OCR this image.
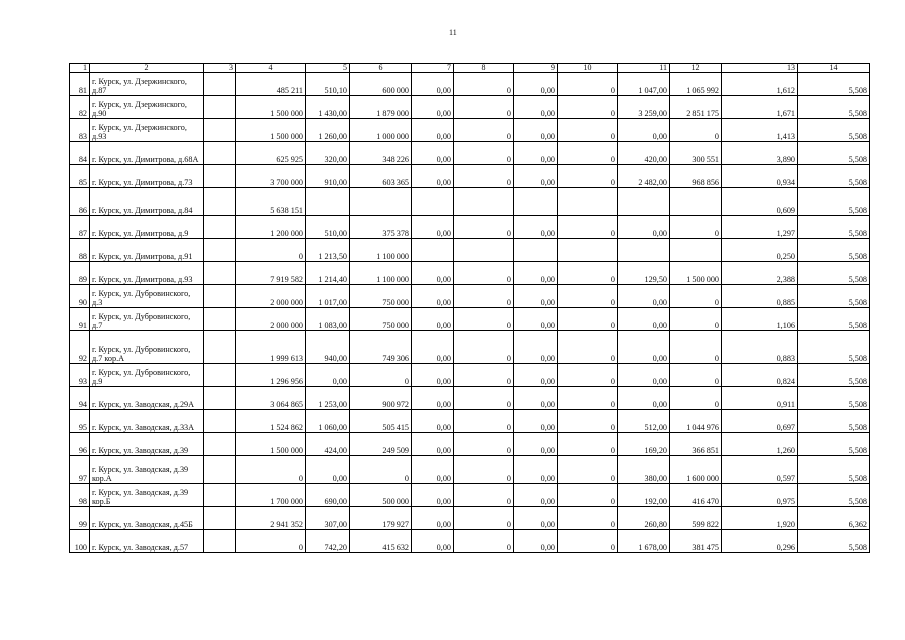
11
1	2	3	4	5	6	7	8	9	10	11	12	13	14
81	г. Курск, ул. Дзержинского, д.87		485 211	510,10	600 000	0,00	0	0,00	0	1 047,00	1 065 992	1,612	5,508
82	г. Курск, ул. Дзержинского, д.90		1 500 000	1 430,00	1 879 000	0,00	0	0,00	0	3 259,00	2 851 175	1,671	5,508
83	г. Курск, ул. Дзержинского, д.93		1 500 000	1 260,00	1 000 000	0,00	0	0,00	0	0,00	0	1,413	5,508
84	г. Курск, ул. Димитрова, д.68А		625 925	320,00	348 226	0,00	0	0,00	0	420,00	300 551	3,890	5,508
85	г. Курск, ул. Димитрова, д.73		3 700 000	910,00	603 365	0,00	0	0,00	0	2 482,00	968 856	0,934	5,508
86	г. Курск, ул. Димитрова, д.84		5 638 151									0,609	5,508
87	г. Курск, ул. Димитрова, д.9		1 200 000	510,00	375 378	0,00	0	0,00	0	0,00	0	1,297	5,508
88	г. Курск, ул. Димитрова, д.91		0	1 213,50	1 100 000							0,250	5,508
89	г. Курск, ул. Димитрова, д.93		7 919 582	1 214,40	1 100 000	0,00	0	0,00	0	129,50	1 500 000	2,388	5,508
90	г. Курск, ул. Дубровинского, д.3		2 000 000	1 017,00	750 000	0,00	0	0,00	0	0,00	0	0,885	5,508
91	г. Курск, ул. Дубровинского, д.7		2 000 000	1 083,00	750 000	0,00	0	0,00	0	0,00	0	1,106	5,508
92	г. Курск, ул. Дубровинского, д.7 кор.А		1 999 613	940,00	749 306	0,00	0	0,00	0	0,00	0	0,883	5,508
93	г. Курск, ул. Дубровинского, д.9		1 296 956	0,00	0	0,00	0	0,00	0	0,00	0	0,824	5,508
94	г. Курск, ул. Заводская, д.29А		3 064 865	1 253,00	900 972	0,00	0	0,00	0	0,00	0	0,911	5,508
95	г. Курск, ул. Заводская, д.33А		1 524 862	1 060,00	505 415	0,00	0	0,00	0	512,00	1 044 976	0,697	5,508
96	г. Курск, ул. Заводская, д.39		1 500 000	424,00	249 509	0,00	0	0,00	0	169,20	366 851	1,260	5,508
97	г. Курск, ул. Заводская, д.39 кор.А		0	0,00	0	0,00	0	0,00	0	380,00	1 600 000	0,597	5,508
98	г. Курск, ул. Заводская, д.39 кор.Б		1 700 000	690,00	500 000	0,00	0	0,00	0	192,00	416 470	0,975	5,508
99	г. Курск, ул. Заводская, д.45Б		2 941 352	307,00	179 927	0,00	0	0,00	0	260,80	599 822	1,920	6,362
100	г. Курск, ул. Заводская, д.57		0	742,20	415 632	0,00	0	0,00	0	1 678,00	381 475	0,296	5,508
